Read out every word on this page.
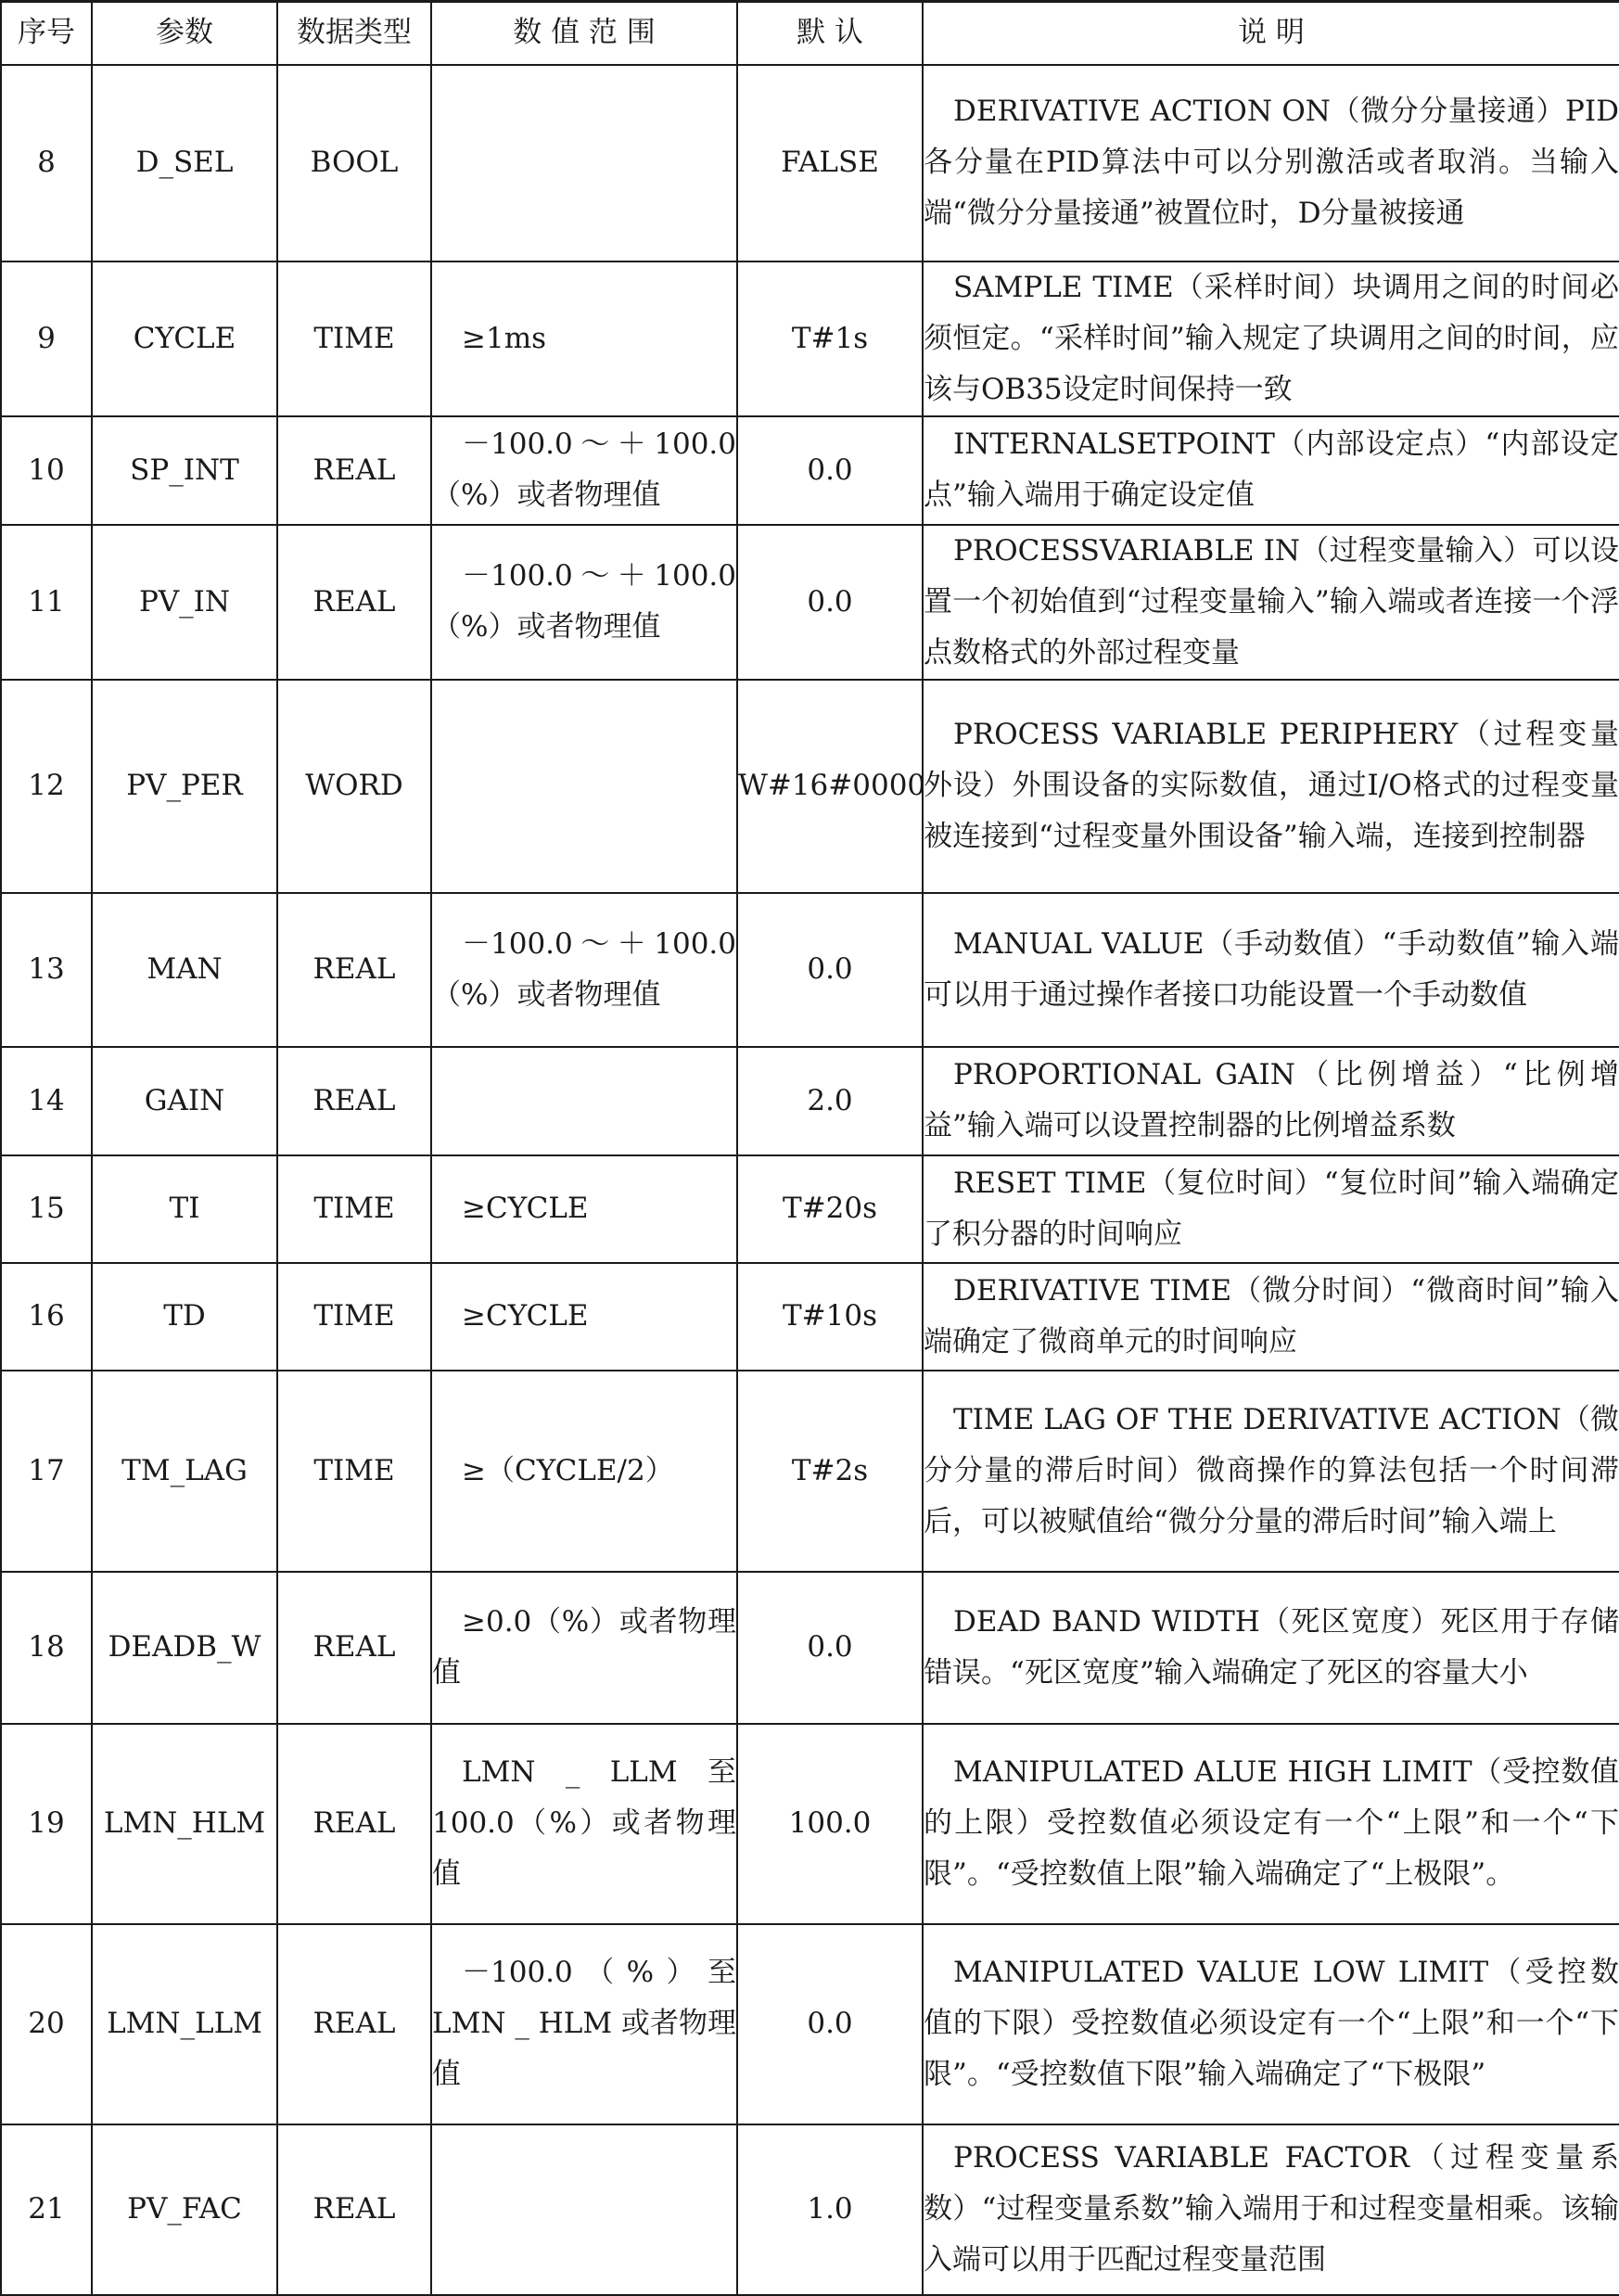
序号	参数	数据类型	数 值 范 围	默 认	说 明
8	D_SEL	BOOL		FALSE	DERIVATIVE ACTION ON（微分分量接通）PID各分量在PID算法中可以分别激活或者取消。当输入端“微分分量接通”被置位时，D分量被接通
9	CYCLE	TIME	≥1ms	T#1s	SAMPLE TIME（采样时间）块调用之间的时间必须恒定。“采样时间”输入规定了块调用之间的时间，应该与OB35设定时间保持一致
10	SP_INT	REAL	－100.0～＋100.0（%）或者物理值	0.0	INTERNALSETPOINT（内部设定点）“内部设定点”输入端用于确定设定值
11	PV_IN	REAL	－100.0～＋100.0（%）或者物理值	0.0	PROCESSVARIABLE IN（过程变量输入）可以设置一个初始值到“过程变量输入”输入端或者连接一个浮点数格式的外部过程变量
12	PV_PER	WORD		W#16#0000	PROCESS VARIABLE PERIPHERY（过程变量外设）外围设备的实际数值，通过I/O格式的过程变量被连接到“过程变量外围设备”输入端，连接到控制器
13	MAN	REAL	－100.0～＋100.0（%）或者物理值	0.0	MANUAL VALUE（手动数值）“手动数值”输入端可以用于通过操作者接口功能设置一个手动数值
14	GAIN	REAL		2.0	PROPORTIONAL GAIN（比例增益）“比例增益”输入端可以设置控制器的比例增益系数
15	TI	TIME	≥CYCLE	T#20s	RESET TIME（复位时间）“复位时间”输入端确定了积分器的时间响应
16	TD	TIME	≥CYCLE	T#10s	DERIVATIVE TIME（微分时间）“微商时间”输入端确定了微商单元的时间响应
17	TM_LAG	TIME	≥（CYCLE/2）	T#2s	TIME LAG OF THE DERIVATIVE ACTION（微分分量的滞后时间）微商操作的算法包括一个时间滞后，可以被赋值给“微分分量的滞后时间”输入端上
18	DEADB_W	REAL	≥0.0（%）或者物理值	0.0	DEAD BAND WIDTH（死区宽度）死区用于存储错误。“死区宽度”输入端确定了死区的容量大小
19	LMN_HLM	REAL	LMN _ LLM 至 100.0（%）或者物理值	100.0	MANIPULATED ALUE HIGH LIMIT（受控数值的上限）受控数值必须设定有一个“上限”和一个“下限”。“受控数值上限”输入端确定了“上极限”。
20	LMN_LLM	REAL	－100.0（%）至 LMN _ HLM 或者物理值	0.0	MANIPULATED VALUE LOW LIMIT（受控数值的下限）受控数值必须设定有一个“上限”和一个“下限”。“受控数值下限”输入端确定了“下极限”
21	PV_FAC	REAL		1.0	PROCESS VARIABLE FACTOR（过程变量系数）“过程变量系数”输入端用于和过程变量相乘。该输入端可以用于匹配过程变量范围
